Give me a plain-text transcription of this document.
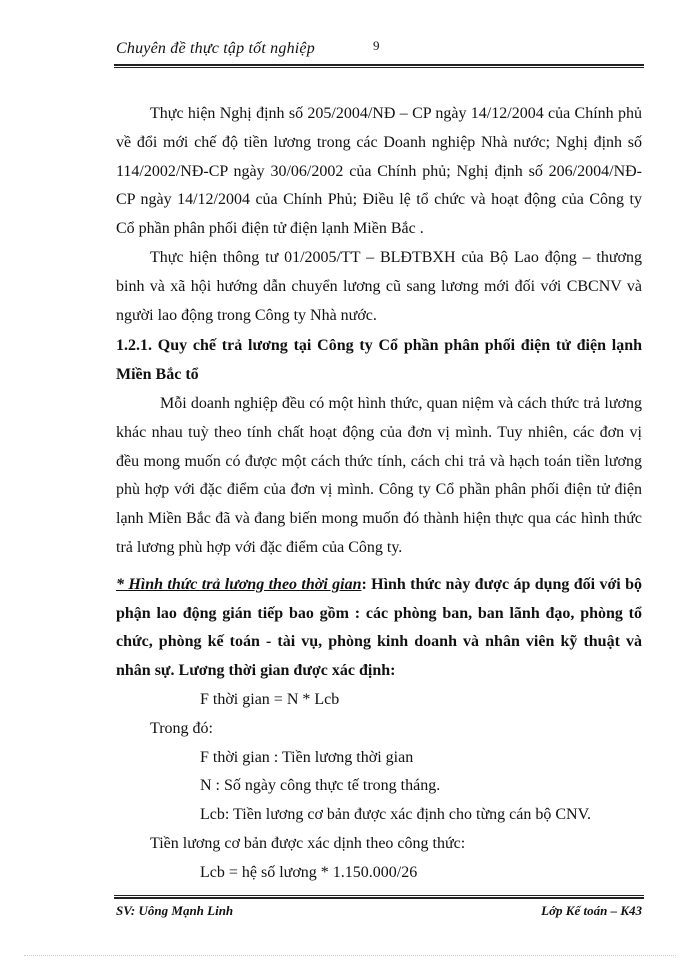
Chuyên đề thực tập tốt nghiệp	9

Thực hiện Nghị định số 205/2004/NĐ – CP ngày 14/12/2004 của Chính phủ về đổi mới chế độ tiền lương trong các Doanh nghiệp Nhà nước; Nghị định số 114/2002/NĐ-CP ngày 30/06/2002 của Chính phủ; Nghị định số 206/2004/NĐ-CP ngày 14/12/2004 của Chính Phủ; Điều lệ tổ chức và hoạt động của Công ty Cổ phần phân phối điện tử điện lạnh Miền Bắc .

Thực hiện thông tư 01/2005/TT – BLĐTBXH của Bộ Lao động – thương binh và xã hội hướng dẫn chuyển lương cũ sang lương mới đối với CBCNV và người lao động trong Công ty Nhà nước.

1.2.1. Quy chế trả lương tại Công ty Cổ phần phân phối điện tử điện lạnh Miền Bắc tổ

Mỗi doanh nghiệp đều có một hình thức, quan niệm và cách thức trả lương khác nhau tuỳ theo tính chất hoạt động của đơn vị mình. Tuy nhiên, các đơn vị đều mong muốn có được một cách thức tính, cách chi trả và hạch toán tiền lương phù hợp với đặc điểm của đơn vị mình. Công ty Cổ phần phân phối điện tử điện lạnh Miền Bắc đã và đang biến mong muốn đó thành hiện thực qua các hình thức trả lương phù hợp với đặc điểm của Công ty.

* Hình thức trả lương theo thời gian: Hình thức này được áp dụng đối với bộ phận lao động gián tiếp bao gồm : các phòng ban, ban lãnh đạo, phòng tổ chức, phòng kế toán - tài vụ, phòng kinh doanh và nhân viên kỹ thuật và nhân sự. Lương thời gian được xác định:

F thời gian = N * Lcb

Trong đó:

F thời gian : Tiền lương thời gian

N : Số ngày công thực tế trong tháng.

Lcb: Tiền lương cơ bản được xác định cho từng cán bộ CNV.

Tiền lương cơ bản được xác dịnh theo công thức:

Lcb = hệ số lương * 1.150.000/26

SV: Uông Mạnh Linh	Lớp Kế toán – K43
